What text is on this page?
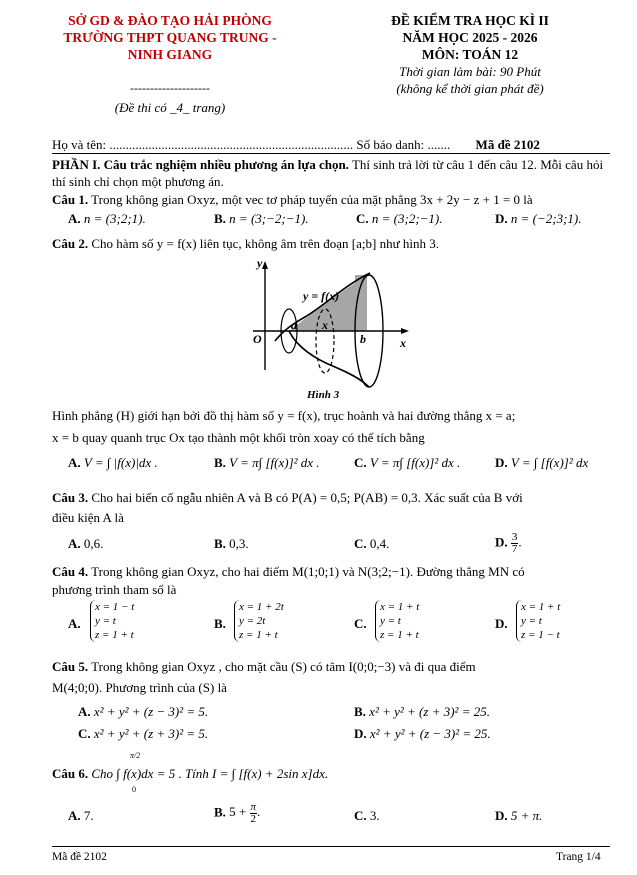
SỞ GD & ĐÀO TẠO HẢI PHÒNG
TRƯỜNG THPT QUANG TRUNG -
NINH GIANG
--------------------
(Đề thi có _4_ trang)
ĐỀ KIỂM TRA HỌC KÌ II
NĂM HỌC 2025 - 2026
MÔN: TOÁN 12
Thời gian làm bài: 90 Phút
(không kể thời gian phát đề)
Họ và tên: ........................................................................... Số báo danh: ....... Mã đề 2102
PHẦN I. Câu trắc nghiệm nhiều phương án lựa chọn. Thí sinh trả lời từ câu 1 đến câu 12. Mỗi câu hỏi thí sinh chỉ chọn một phương án.
Câu 1. Trong không gian Oxyz, một vec tơ pháp tuyến của mặt phẳng 3x + 2y − z + 1 = 0 là
A. n = (3;2;1).	B. n = (3;−2;−1).	C. n = (3;2;−1).	D. n = (−2;3;1).
Câu 2. Cho hàm số y = f(x) liên tục, không âm trên đoạn [a;b] như hình 3.
y
y = f(x)
O
a x
b	x
Hình 3
Hình phẳng (H) giới hạn bởi đồ thị hàm số y = f(x), trục hoành và hai đường thẳng x = a;
x = b quay quanh trục Ox tạo thành một khối tròn xoay có thể tích bằng
A. V = ∫ |f(x)|dx .	B. V = π∫ [f(x)]² dx .	C. V = π∫ [f(x)]² dx .	D. V = ∫ [f(x)]² dx
Câu 3. Cho hai biến cố ngẫu nhiên A và B có P(A) = 0,5; P(AB) = 0,3. Xác suất của B với
điều kiện A là
A. 0,6.	B. 0,3.	C. 0,4.	D. $\frac{3}{7}$ .
Câu 4. Trong không gian Oxyz, cho hai điểm M(1;0;1) và N(3;2;−1). Đường thẳng MN có
phương trình tham số là
A.
x = 1 − t
y = t
z = 1 + t
B.
x = 1 + 2t
y = 2t
z = 1 + t
C.
x = 1 + t
y = t
z = 1 + t
D.
x = 1 + t
y = t
z = 1 − t
Câu 5. Trong không gian Oxyz , cho mặt cầu (S) có tâm I(0;0;−3) và đi qua điểm
M(4;0;0). Phương trình của (S) là
A. x² + y² + (z − 3)² = 5.	B. x² + y² + (z + 3)² = 25.
C. x² + y² + (z + 3)² = 5.	D. x² + y² + (z − 3)² = 25.
Câu 6. Cho ∫ f(x)dx = 5 . Tính I = ∫ [f(x) + 2sin x]dx.
π/2
0
A. 7.	B. $5 + \frac{\pi}{2}$ .	C. 3.	D. 5 + π.
Mã đề 2102	Trang 1/4
